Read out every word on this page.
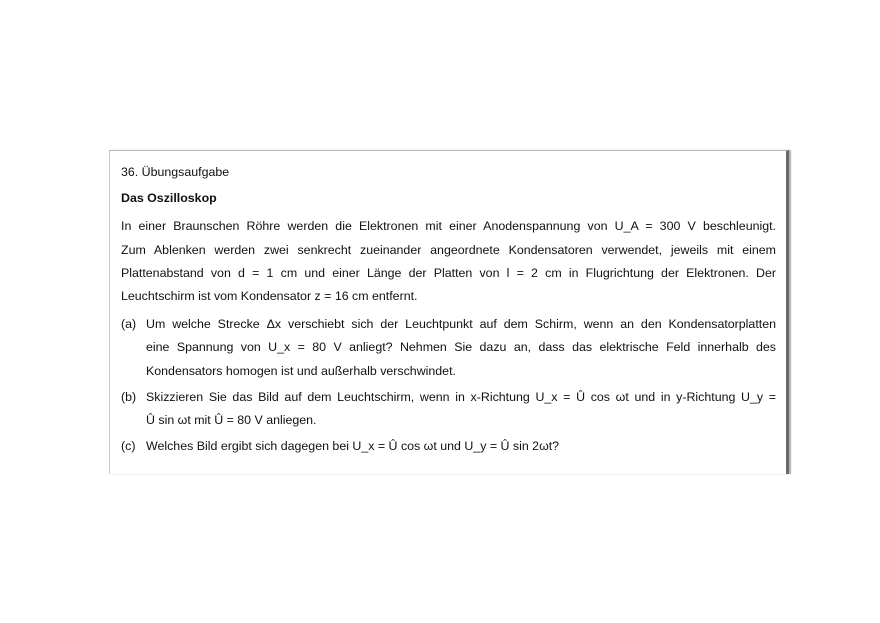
36. Übungsaufgabe
Das Oszilloskop
In einer Braunschen Röhre werden die Elektronen mit einer Anodenspannung von U_A = 300 V beschleunigt.
Zum Ablenken werden zwei senkrecht zueinander angeordnete Kondensatoren verwendet, jeweils mit einem
Plattenabstand von d = 1 cm und einer Länge der Platten von l = 2 cm in Flugrichtung der Elektronen. Der
Leuchtschirm ist vom Kondensator z = 16 cm entfernt.
(a) Um welche Strecke Δx verschiebt sich der Leuchtpunkt auf dem Schirm, wenn an den Kondensatorplatten
eine Spannung von U_x = 80 V anliegt? Nehmen Sie dazu an, dass das elektrische Feld innerhalb des
Kondensators homogen ist und außerhalb verschwindet.
(b) Skizzieren Sie das Bild auf dem Leuchtschirm, wenn in x-Richtung U_x = Û cos ωt und in y-Richtung U_y =
Û sin ωt mit Û = 80 V anliegen.
(c) Welches Bild ergibt sich dagegen bei U_x = Û cos ωt und U_y = Û sin 2ωt?
